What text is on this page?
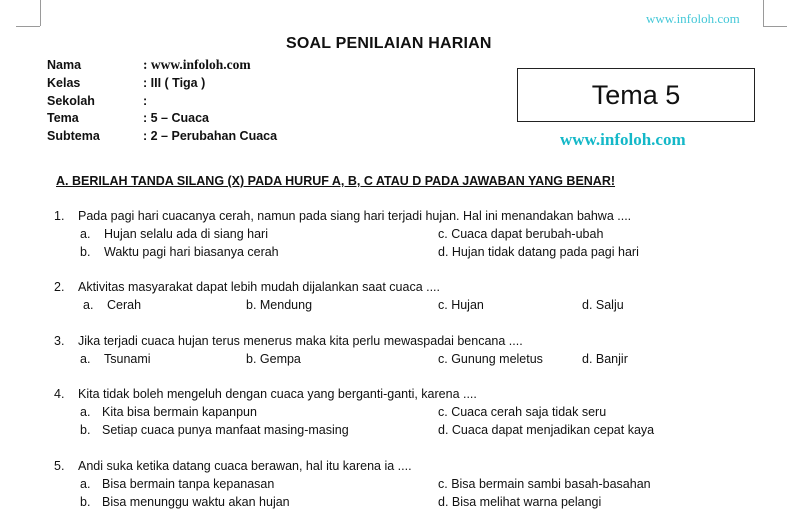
www.infoloh.com
SOAL PENILAIAN HARIAN
Nama	: www.infoloh.com
Kelas	: III ( Tiga )
Sekolah	:
Tema	: 5 – Cuaca
Subtema	: 2 – Perubahan Cuaca
Tema 5
www.infoloh.com
A. BERILAH TANDA SILANG (X) PADA HURUF A, B, C ATAU D PADA JAWABAN YANG BENAR!
1. Pada pagi hari cuacanya cerah, namun pada siang hari terjadi hujan. Hal ini menandakan bahwa ....
a. Hujan selalu ada di siang hari	c. Cuaca dapat berubah-ubah
b. Waktu pagi hari biasanya cerah	d. Hujan tidak datang pada pagi hari
2. Aktivitas masyarakat dapat lebih mudah dijalankan saat cuaca ....
a. Cerah	b. Mendung	c. Hujan	d. Salju
3. Jika terjadi cuaca hujan terus menerus maka kita perlu mewaspadai bencana ....
a. Tsunami	b. Gempa	c. Gunung meletus	d. Banjir
4. Kita tidak boleh mengeluh dengan cuaca yang berganti-ganti, karena ....
a. Kita bisa bermain kapanpun	c. Cuaca cerah saja tidak seru
b. Setiap cuaca punya manfaat masing-masing	d. Cuaca dapat menjadikan cepat kaya
5. Andi suka ketika datang cuaca berawan, hal itu karena ia ....
a. Bisa bermain tanpa kepanasan	c. Bisa bermain sambi basah-basahan
b. Bisa menunggu waktu akan hujan	d. Bisa melihat warna pelangi
